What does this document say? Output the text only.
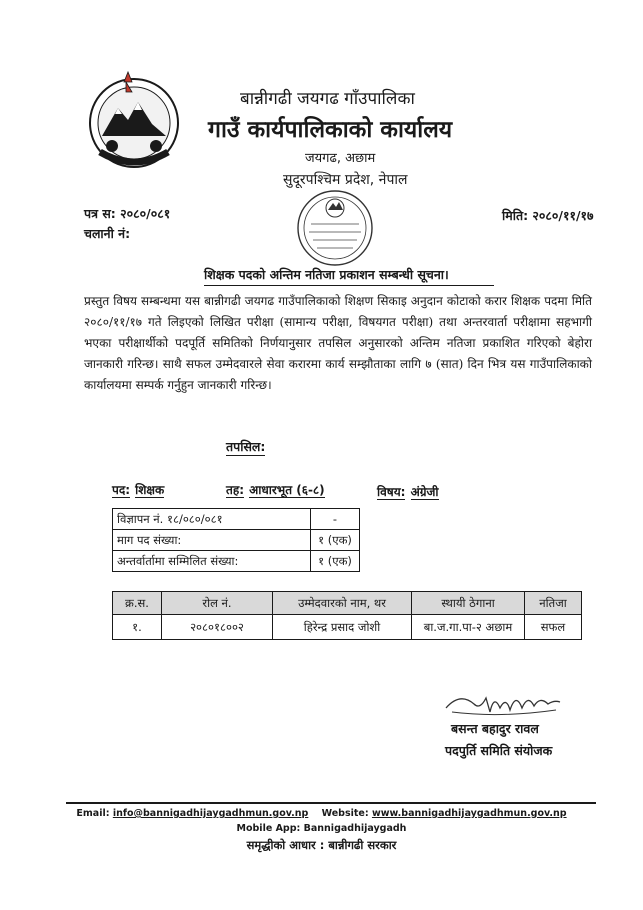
बान्नीगढी जयगढ गाँउपालिका
गाउँ कार्यपालिकाको कार्यालय
जयगढ, अछाम
सुदूरपश्चिम प्रदेश, नेपाल
पत्र स: २०८०/०८१
चलानी नं:
मिति: २०८०/११/१७
शिक्षक पदको अन्तिम नतिजा प्रकाशन सम्बन्धी सूचना।
प्रस्तुत विषय सम्बन्धमा यस बान्नीगढी जयगढ गाउँपालिकाको शिक्षण सिकाइ अनुदान कोटाको करार शिक्षक पदमा मिति २०८०/११/१७ गते लिइएको लिखित परीक्षा (सामान्य परीक्षा, विषयगत परीक्षा) तथा अन्तरवार्ता परीक्षामा सहभागी भएका परीक्षार्थीको पदपूर्ति समितिको निर्णयानुसार तपसिल अनुसारको अन्तिम नतिजा प्रकाशित गरिएको बेहोरा जानकारी गरिन्छ। साथै सफल उम्मेदवारले सेवा करारमा कार्य सम्झौताका लागि ७ (सात) दिन भित्र यस गाउँपालिकाको कार्यालयमा सम्पर्क गर्नुहुन जानकारी गरिन्छ।
तपसिल:
पद: शिक्षक	तह: आधारभूत (६-८)	विषय: अंग्रेजी
विज्ञापन नं. १८/०८०/०८१	-
माग पद संख्या:	१ (एक)
अन्तर्वार्तामा सम्मिलित संख्या:	१ (एक)
क्र.स.	रोल नं.	उम्मेदवारको नाम, थर	स्थायी ठेगाना	नतिजा
१.	२०८०१८००२	हिरेन्द्र प्रसाद जोशी	बा.ज.गा.पा-२ अछाम	सफल
बसन्त बहादुर रावल
पदपुर्ति समिति संयोजक
Email: info@bannigadhijaygadhmun.gov.np Website: www.bannigadhijaygadhmun.gov.np
Mobile App: Bannigadhijaygadh
समृद्धीको आधार : बान्नीगढी सरकार
